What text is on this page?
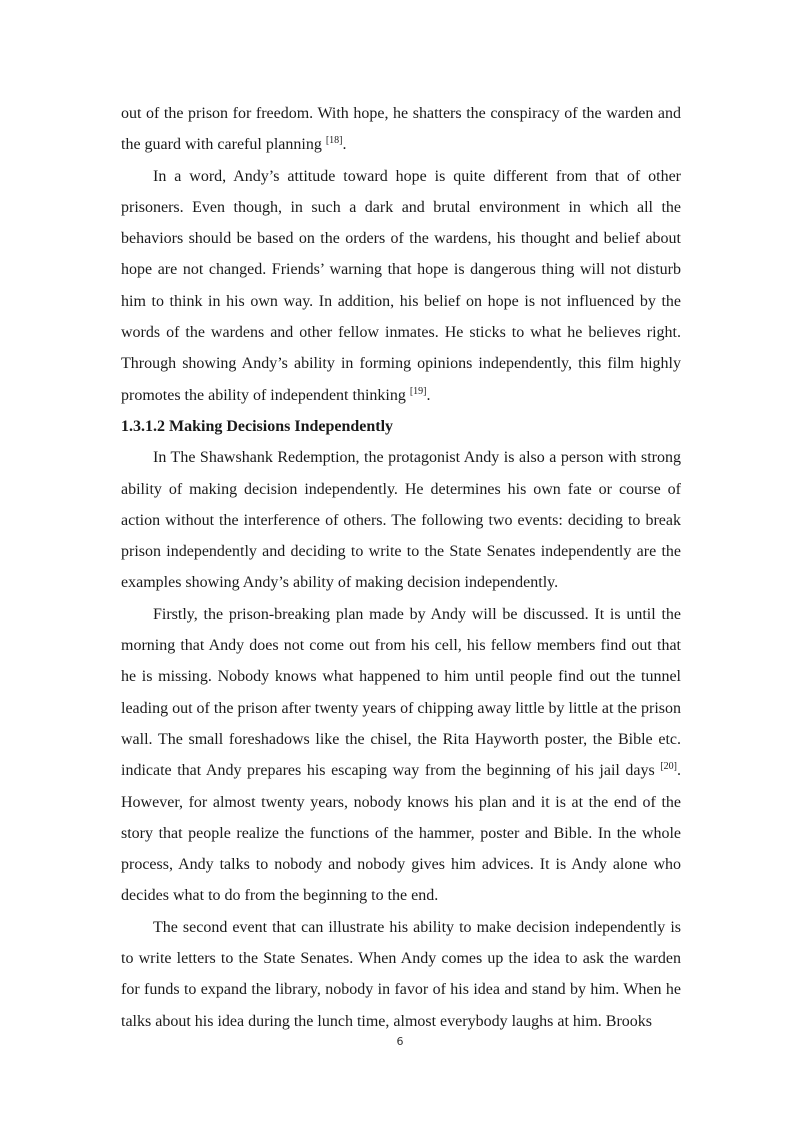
out of the prison for freedom. With hope, he shatters the conspiracy of the warden and the guard with careful planning [18].

In a word, Andy’s attitude toward hope is quite different from that of other prisoners. Even though, in such a dark and brutal environment in which all the behaviors should be based on the orders of the wardens, his thought and belief about hope are not changed. Friends’ warning that hope is dangerous thing will not disturb him to think in his own way. In addition, his belief on hope is not influenced by the words of the wardens and other fellow inmates. He sticks to what he believes right. Through showing Andy’s ability in forming opinions independently, this film highly promotes the ability of independent thinking [19].

1.3.1.2 Making Decisions Independently

In The Shawshank Redemption, the protagonist Andy is also a person with strong ability of making decision independently. He determines his own fate or course of action without the interference of others. The following two events: deciding to break prison independently and deciding to write to the State Senates independently are the examples showing Andy’s ability of making decision independently.

Firstly, the prison-breaking plan made by Andy will be discussed. It is until the morning that Andy does not come out from his cell, his fellow members find out that he is missing. Nobody knows what happened to him until people find out the tunnel leading out of the prison after twenty years of chipping away little by little at the prison wall. The small foreshadows like the chisel, the Rita Hayworth poster, the Bible etc. indicate that Andy prepares his escaping way from the beginning of his jail days [20]. However, for almost twenty years, nobody knows his plan and it is at the end of the story that people realize the functions of the hammer, poster and Bible. In the whole process, Andy talks to nobody and nobody gives him advices. It is Andy alone who decides what to do from the beginning to the end.

The second event that can illustrate his ability to make decision independently is to write letters to the State Senates. When Andy comes up the idea to ask the warden for funds to expand the library, nobody in favor of his idea and stand by him. When he talks about his idea during the lunch time, almost everybody laughs at him. Brooks

6
